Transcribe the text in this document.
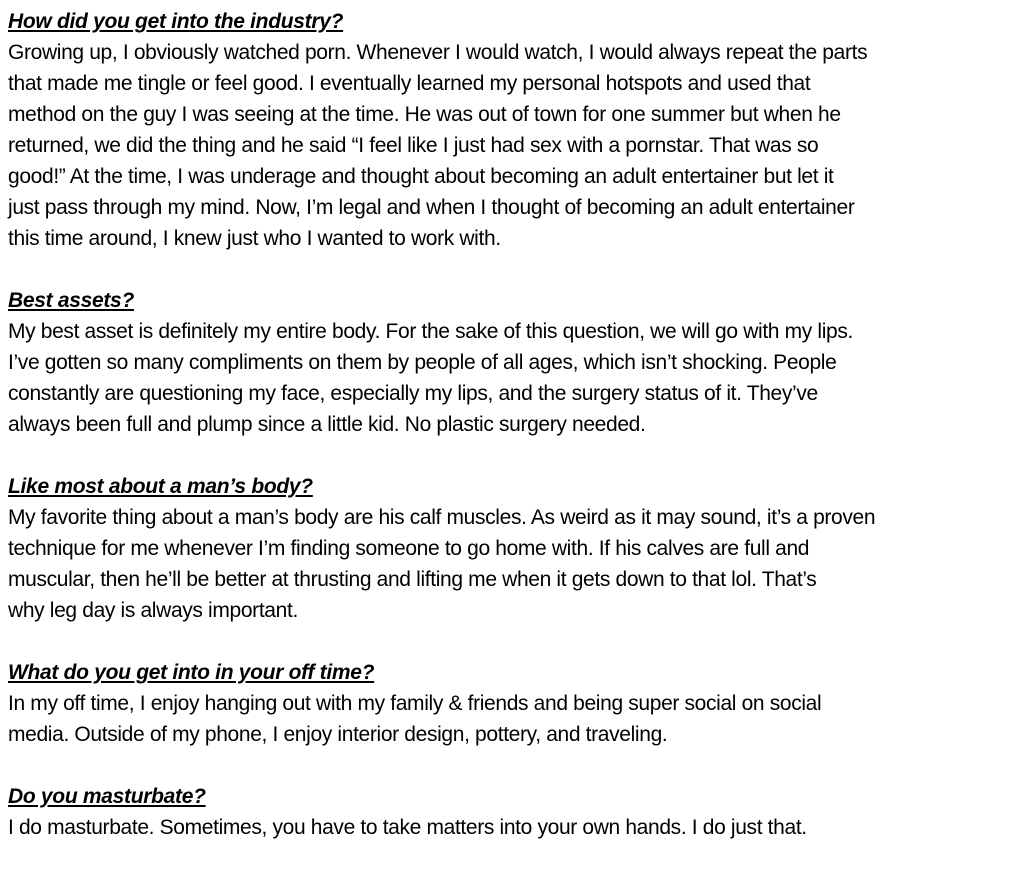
How did you get into the industry?

Growing up, I obviously watched porn. Whenever I would watch, I would always repeat the parts
that made me tingle or feel good. I eventually learned my personal hotspots and used that
method on the guy I was seeing at the time. He was out of town for one summer but when he
returned, we did the thing and he said “I feel like I just had sex with a pornstar. That was so
good!” At the time, I was underage and thought about becoming an adult entertainer but let it
just pass through my mind. Now, I’m legal and when I thought of becoming an adult entertainer
this time around, I knew just who I wanted to work with.

Best assets?

My best asset is definitely my entire body. For the sake of this question, we will go with my lips.
I’ve gotten so many compliments on them by people of all ages, which isn’t shocking. People
constantly are questioning my face, especially my lips, and the surgery status of it. They’ve
always been full and plump since a little kid. No plastic surgery needed.

Like most about a man’s body?

My favorite thing about a man’s body are his calf muscles. As weird as it may sound, it’s a proven
technique for me whenever I’m finding someone to go home with. If his calves are full and
muscular, then he’ll be better at thrusting and lifting me when it gets down to that lol. That’s
why leg day is always important.

What do you get into in your off time?

In my off time, I enjoy hanging out with my family & friends and being super social on social
media. Outside of my phone, I enjoy interior design, pottery, and traveling.

Do you masturbate?

I do masturbate. Sometimes, you have to take matters into your own hands. I do just that.
